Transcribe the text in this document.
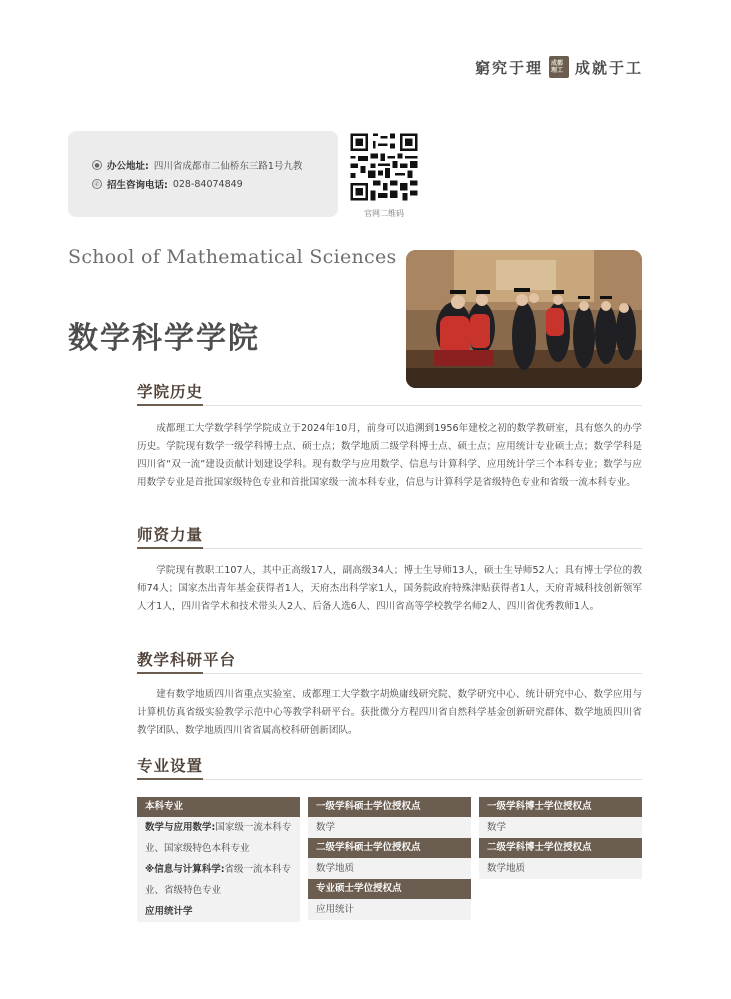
窮究于理 成都理工 成就于工
● 办公地址: 四川省成都市二仙桥东三路1号九教
✆ 招生咨询电话: 028-84074849
官网二维码
School of Mathematical Sciences
数学科学学院
学院历史
成都理工大学数学科学学院成立于2024年10月，前身可以追溯到1956年建校之初的数学教研室，具有悠久的办学历史。学院现有数学一级学科博士点、硕士点；数学地质二级学科博士点、硕士点；应用统计专业硕士点；数学学科是四川省“双一流”建设贡献计划建设学科。现有数学与应用数学、信息与计算科学、应用统计学三个本科专业；数学与应用数学专业是首批国家级特色专业和首批国家级一流本科专业，信息与计算科学是省级特色专业和省级一流本科专业。
师资力量
学院现有教职工107人，其中正高级17人，副高级34人；博士生导师13人，硕士生导师52人；具有博士学位的教师74人；国家杰出青年基金获得者1人，天府杰出科学家1人，国务院政府特殊津贴获得者1人，天府青城科技创新领军人才1人，四川省学术和技术带头人2人、后备人选6人、四川省高等学校教学名师2人、四川省优秀教师1人。
教学科研平台
建有数学地质四川省重点实验室、成都理工大学数字胡焕庸线研究院、数学研究中心、统计研究中心、数学应用与计算机仿真省级实验教学示范中心等教学科研平台。获批微分方程四川省自然科学基金创新研究群体、数学地质四川省教学团队、数学地质四川省省属高校科研创新团队。
专业设置
本科专业
数学与应用数学:国家级一流本科专业、国家级特色本科专业
※信息与计算科学:省级一流本科专业、省级特色专业
应用统计学
一级学科硕士学位授权点
数学
二级学科硕士学位授权点
数学地质
专业硕士学位授权点
应用统计
一级学科博士学位授权点
数学
二级学科博士学位授权点
数学地质
